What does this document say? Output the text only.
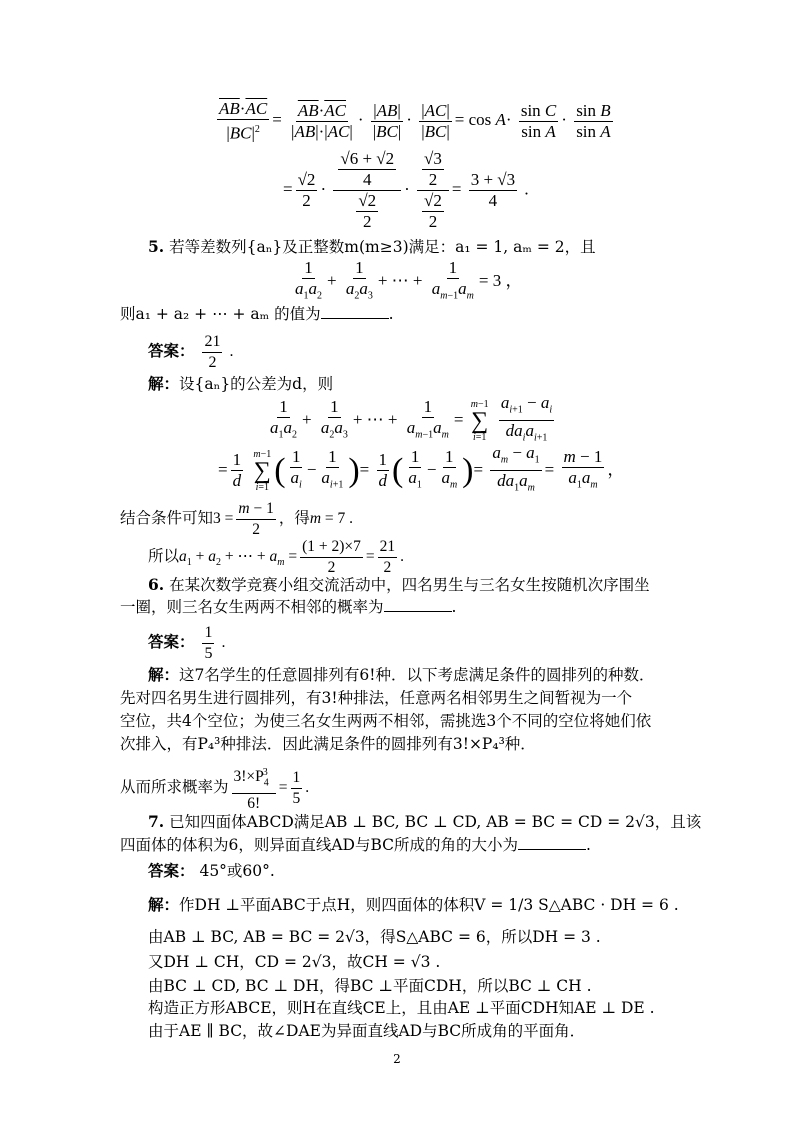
$\frac{\overline{AB}\cdot\overline{AC}}{|BC|^2} = \frac{\overline{AB}\cdot\overline{AC}}{|AB|\cdot|AC|} \cdot \frac{|AB|}{|BC|} \cdot \frac{|AC|}{|BC|} = \cos A\cdot \frac{\text{sin C}}{\text{sin A}} \cdot \frac{\text{sin B}}{\text{sin A}}$
= $\frac{√2}{2} \cdot \frac{\frac{√6 + √2}{4}}{\frac{√2}{2}} \cdot \frac{\frac{√3}{2}}{\frac{√2}{2}} = \frac{3 + √3}{4}$ .
5. 若等差数列{aₙ}及正整数m(m≥3)满足：a₁ = 1, aₘ = 2，且
$\frac{1}{a_1a_2} + \frac{1}{a_2a_3}$ + ⋯ + $\frac{1}{a_{m-1}a_m} = 3$ ，
则a₁ + a₂ + ⋯ + aₘ 的值为	.
答案： $\frac{21}{2}$ .
解：设{aₙ}的公差为d，则
$\frac{1}{a_1a_2} + \frac{1}{a_2a_3}$ + ⋯ + $\frac{1}{a_{m-1}a_m}$ =
m−1
∑
i=1
$\frac{a_{i+1} - a_i}{da_ia_{i+1}}$
= $\frac{1}{d}$
m−1
∑
i=1 ( $\frac{1}{a_i} - \frac{1}{a_{i+1}}$ )= $\frac{1}{d}$ ( $\frac{1}{a_1} - \frac{1}{a_m}$ )= $\frac{a_m - a_1}{da_1a_m} = \frac{m - 1}{a_1a_m}$ ，
结合条件可知$3 = \frac{m - 1}{2}$ ，得m = 7 .
所以$a_1 + a_2$ + ⋯ + $a_m = \frac{(1 + 2)\times 7}{2} = \frac{21}{2}$ .
6. 在某次数学竞赛小组交流活动中，四名男生与三名女生按随机次序围坐
一圈，则三名女生两两不相邻的概率为	.
答案： $\frac{1}{5}$ .
解：这7名学生的任意圆排列有6!种．以下考虑满足条件的圆排列的种数．
先对四名男生进行圆排列，有3!种排法，任意两名相邻男生之间暂视为一个
空位，共4个空位；为使三名女生两两不相邻，需挑选3个不同的空位将她们依
次排入，有P₄³种排法．因此满足条件的圆排列有3!×P₄³种．
从而所求概率为 $\frac{3!\times P_4^3}{6!} = \frac{1}{5}$ .
7. 已知四面体ABCD满足AB ⊥ BC, BC ⊥ CD, AB = BC = CD = 2√3，且该
四面体的体积为6，则异面直线AD与BC所成的角的大小为	.
答案： 45°或60°.
解：作DH ⊥平面ABC于点H，则四面体的体积V = 1/3 S△ABC · DH = 6 .
由AB ⊥ BC, AB = BC = 2√3，得S△ABC = 6，所以DH = 3 .
又DH ⊥ CH，CD = 2√3，故CH = √3 .
由BC ⊥ CD, BC ⊥ DH，得BC ⊥平面CDH，所以BC ⊥ CH .
构造正方形ABCE，则H在直线CE上，且由AE ⊥平面CDH知AE ⊥ DE .
由于AE ∥ BC，故∠DAE为异面直线AD与BC所成角的平面角．
2
